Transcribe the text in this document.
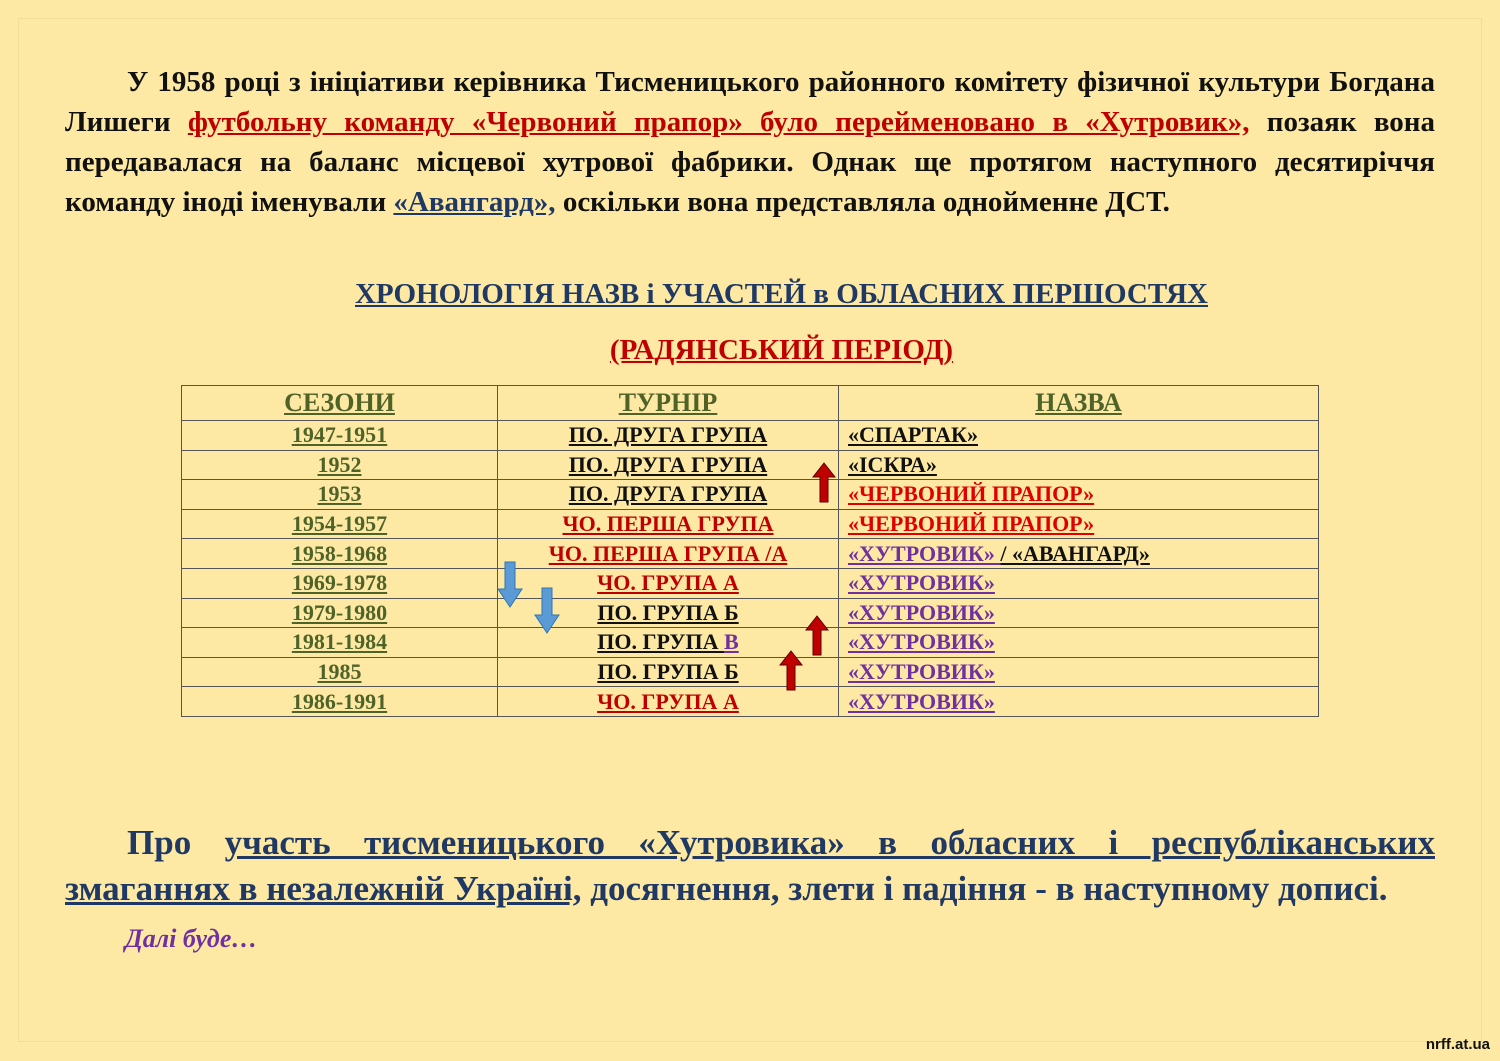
У 1958 році з ініціативи керівника Тисменицького районного комітету фізичної культури Богдана Лишеги футбольну команду «Червоний прапор» було перейменовано в «Хутровик», позаяк вона передавалася на баланс місцевої хутрової фабрики. Однак ще протягом наступного десятиріччя команду іноді іменували «Авангард», оскільки вона представляла однойменне ДСТ.

ХРОНОЛОГІЯ НАЗВ і УЧАСТЕЙ в ОБЛАСНИХ ПЕРШОСТЯХ
(РАДЯНСЬКИЙ ПЕРІОД)
СЕЗОНИ	ТУРНІР	НАЗВА
1947-1951	ПО. ДРУГА ГРУПА	«СПАРТАК»
1952	ПО. ДРУГА ГРУПА	«ІСКРА»
1953	ПО. ДРУГА ГРУПА	«ЧЕРВОНИЙ ПРАПОР»
1954-1957	ЧО. ПЕРША ГРУПА	«ЧЕРВОНИЙ ПРАПОР»
1958-1968	ЧО. ПЕРША ГРУПА /А	«ХУТРОВИК» / «АВАНГАРД»
1969-1978	ЧО. ГРУПА А	«ХУТРОВИК»
1979-1980	ПО. ГРУПА Б	«ХУТРОВИК»
1981-1984	ПО. ГРУПА В	«ХУТРОВИК»
1985	ПО. ГРУПА Б	«ХУТРОВИК»
1986-1991	ЧО. ГРУПА А	«ХУТРОВИК»

Про участь тисменицького «Хутровика» в обласних і республіканських змаганнях в незалежній Україні, досягнення, злети і падіння - в наступному дописі.

Далі буде…
nrff.at.ua
